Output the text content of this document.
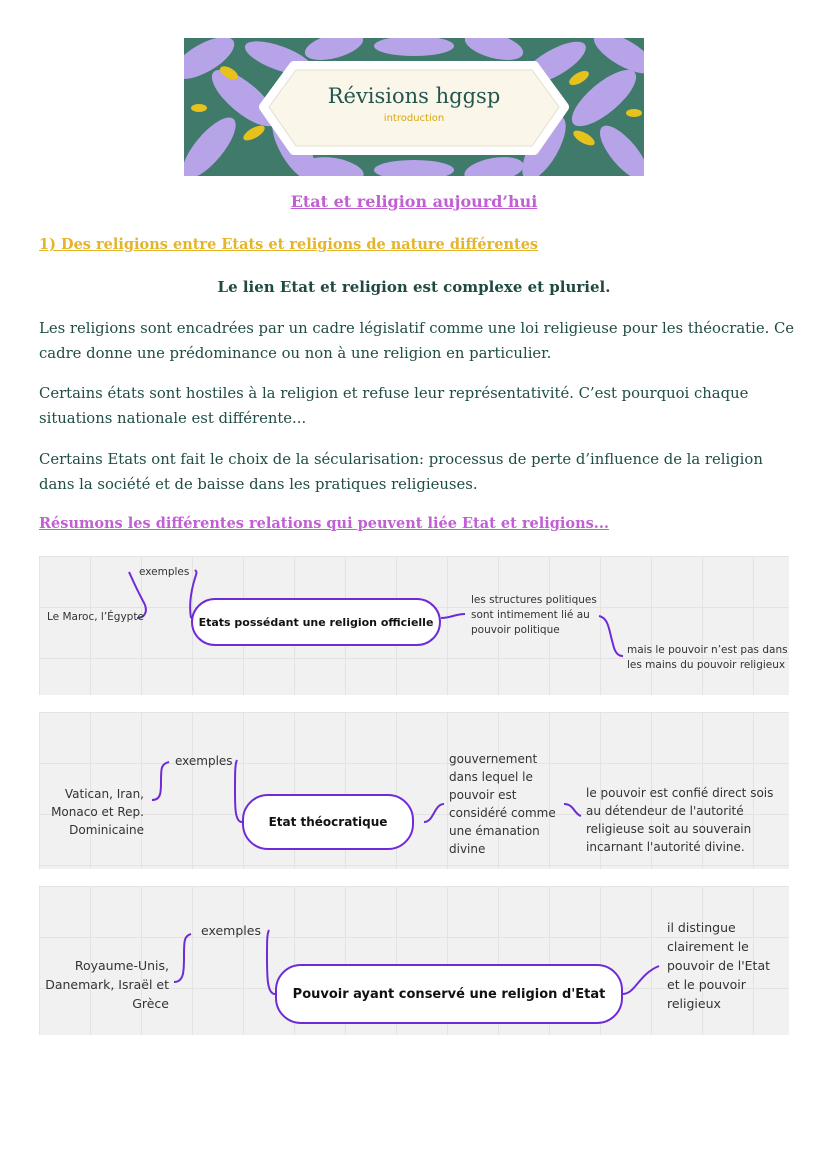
Révisions hggsp
introduction
Etat et religion aujourd’hui
1) Des religions entre Etats et religions de nature différentes
Le lien Etat et religion est complexe et pluriel.
Les religions sont encadrées par un cadre législatif comme une loi religieuse pour les théocratie. Ce cadre donne une prédominance ou non à une religion en particulier.
Certains états sont hostiles à la religion et refuse leur représentativité. C’est pourquoi chaque situations nationale est différente...
Certains Etats ont fait le choix de la sécularisation: processus de perte d’influence de la religion dans la société et de baisse dans les pratiques religieuses.
Résumons les différentes relations qui peuvent liée Etat et religions...
Etats possédant une religion officielle
exemples
Le Maroc, l’Égypte
les structures politiques
sont intimement lié au
pouvoir politique
mais le pouvoir n’est pas dans
les mains du pouvoir religieux
Etat théocratique
exemples
Vatican, Iran,
Monaco et Rep.
Dominicaine
gouvernement
dans lequel le
pouvoir est
considéré comme
une émanation
divine
le pouvoir est confié direct sois
au détendeur de l'autorité
religieuse soit au souverain
incarnant l'autorité divine.
Pouvoir ayant conservé une religion d'Etat
exemples
Royaume-Unis,
Danemark, Israël et
Grèce
il distingue
clairement le
pouvoir de l'Etat
et le pouvoir
religieux
